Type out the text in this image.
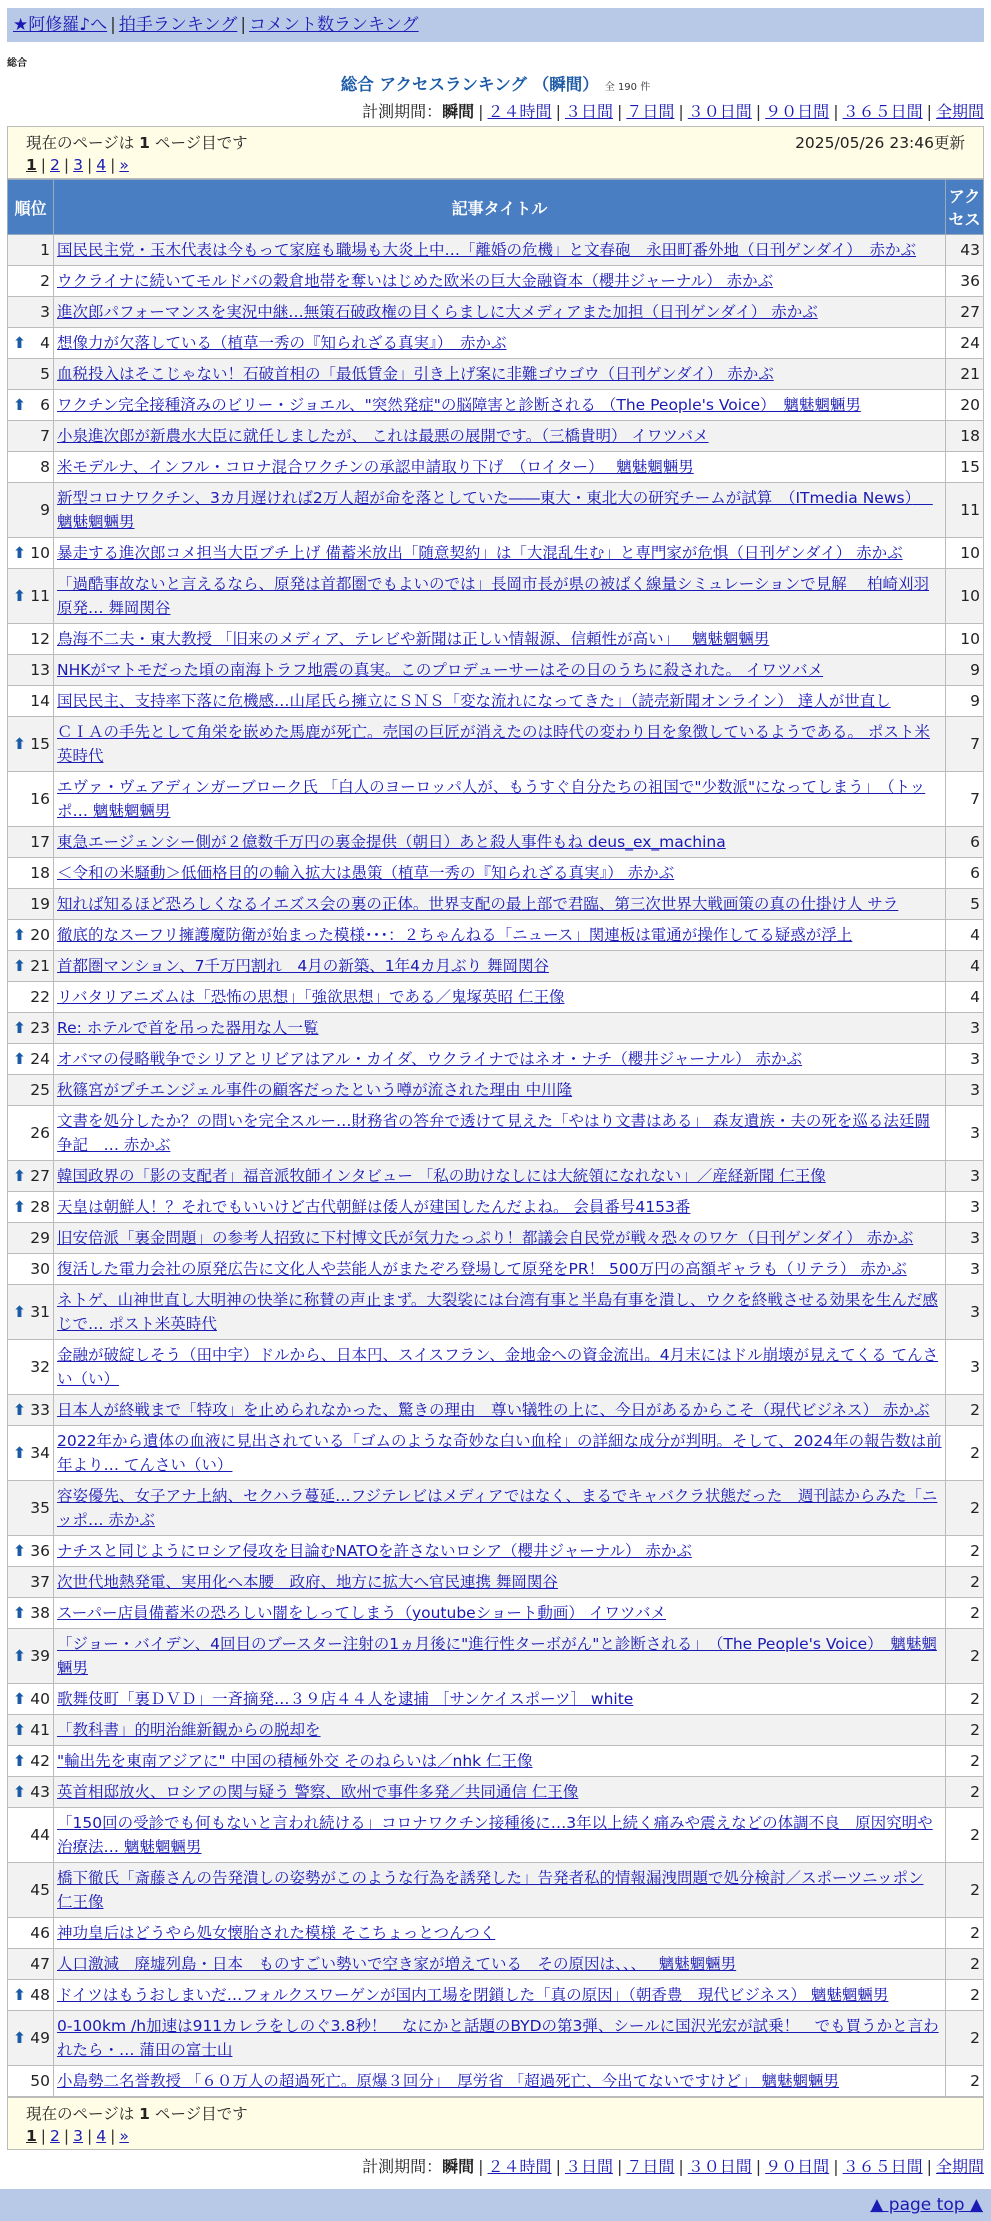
★阿修羅♪へ | 拍手ランキング | コメント数ランキング
総合
総合 アクセスランキング （瞬間） 全 190 件
計測期間：瞬間 | ２４時間 | ３日間 | ７日間 | ３０日間 | ９０日間 | ３６５日間 | 全期間
現在のページは 1 ページ目です	2025/05/26 23:46更新
1 | 2 | 3 | 4 | »
順位	記事タイトル	アクセス
1	国民民主党・玉木代表は今もって家庭も職場も大炎上中…「離婚の危機」と文春砲　永田町番外地（日刊ゲンダイ）　赤かぶ	43
2	ウクライナに続いてモルドバの穀倉地帯を奪いはじめた欧米の巨大金融資本（櫻井ジャーナル） 赤かぶ	36
3	進次郎パフォーマンスを実況中継…無策石破政権の目くらましに大メディアまた加担（日刊ゲンダイ） 赤かぶ	27

⬆ 4	想像力が欠落している（植草一秀の『知られざる真実』）　赤かぶ	24
5	血税投入はそこじゃない！石破首相の「最低賃金」引き上げ案に非難ゴウゴウ（日刊ゲンダイ） 赤かぶ	21

⬆ 6	ワクチン完全接種済みのビリー・ジョエル、"突然発症"の脳障害と診断される （The People's Voice）　魑魅魍魎男	20
7	小泉進次郎が新農水大臣に就任しましたが、 これは最悪の展開です。（三橋貴明） イワツバメ	18
8	米モデルナ、インフル・コロナ混合ワクチンの承認申請取り下げ　（ロイター）　 魑魅魍魎男	15
9	新型コロナワクチン、3カ月遅ければ2万人超が命を落としていた――東大・東北大の研究チームが試算　（ITmedia News）　 魑魅魍魎男	11

⬆ 10	暴走する進次郎コメ担当大臣ブチ上げ 備蓄米放出「随意契約」は「大混乱生む」と専門家が危惧（日刊ゲンダイ） 赤かぶ	10

⬆ 11	「過酷事故ないと言えるなら、原発は首都圏でもよいのでは」長岡市長が県の被ばく線量シミュレーションで見解　 柏崎刈羽原発… 舞岡関谷	10
12	鳥海不二夫・東大教授 「旧来のメディア、テレビや新聞は正しい情報源、信頼性が高い」　 魑魅魍魎男	10
13	NHKがマトモだった頃の南海トラフ地震の真実。このプロデューサーはその日のうちに殺された。 イワツバメ	9
14	国民民主、支持率下落に危機感…山尾氏ら擁立にＳＮＳ「変な流れになってきた」（読売新聞オンライン） 達人が世直し	9

⬆ 15	ＣＩＡの手先として角栄を嵌めた馬鹿が死亡。売国の巨匠が消えたのは時代の変わり目を象徴しているようである。 ポスト米英時代	7
16	エヴァ・ヴェアディンガーブローク氏 「白人のヨーロッパ人が、もうすぐ自分たちの祖国で"少数派"になってしまう」　（トッポ… 魑魅魍魎男	7
17	東急エージェンシー側が２億数千万円の裏金提供（朝日）あと殺人事件もね deus_ex_machina	6
18	＜令和の米騒動＞低価格目的の輸入拡大は愚策（植草一秀の『知られざる真実』） 赤かぶ	6
19	知れば知るほど恐ろしくなるイエズス会の裏の正体。世界支配の最上部で君臨、第三次世界大戦画策の真の仕掛け人 サラ	5

⬆ 20	徹底的なスーフリ擁護魔防衛が始まった模様･･･：２ちゃんねる「ニュース」関連板は電通が操作してる疑惑が浮上	4

⬆ 21	首都圏マンション、7千万円割れ　4月の新築、1年4カ月ぶり 舞岡関谷	4
22	リバタリアニズムは「恐怖の思想」「強欲思想」である／鬼塚英昭 仁王像	4

⬆ 23	Re: ホテルで首を吊った器用な人一覧	3

⬆ 24	オバマの侵略戦争でシリアとリビアはアル・カイダ、ウクライナではネオ・ナチ（櫻井ジャーナル） 赤かぶ	3
25	秋篠宮がプチエンジェル事件の顧客だったという噂が流された理由 中川隆	3
26	文書を処分したか？の問いを完全スルー…財務省の答弁で透けて見えた「やはり文書はある」 森友遺族・夫の死を巡る法廷闘争記　… 赤かぶ	3

⬆ 27	韓国政界の「影の支配者」福音派牧師インタビュー 「私の助けなしには大統領になれない」／産経新聞 仁王像	3

⬆ 28	天皇は朝鮮人！？それでもいいけど古代朝鮮は倭人が建国したんだよね。 会員番号4153番	3
29	旧安倍派「裏金問題」の参考人招致に下村博文氏が気力たっぷり！都議会自民党が戦々恐々のワケ（日刊ゲンダイ） 赤かぶ	3
30	復活した電力会社の原発広告に文化人や芸能人がまたぞろ登場して原発をPR！ 500万円の高額ギャラも（リテラ） 赤かぶ	3

⬆ 31	ネトゲ、山神世直し大明神の快挙に称賛の声止まず。大裂裟には台湾有事と半島有事を潰し、ウクを終戦させる効果を生んだ感じで… ポスト米英時代	3
32	金融が破綻しそう（田中宇）ドルから、日本円、スイスフラン、金地金への資金流出。4月末にはドル崩壊が見えてくる てんさい（い）	3

⬆ 33	日本人が終戦まで「特攻」を止められなかった、驚きの理由　尊い犠牲の上に、今日があるからこそ（現代ビジネス） 赤かぶ	2

⬆ 34	2022年から遺体の血液に見出されている「ゴムのような奇妙な白い血栓」の詳細な成分が判明。そして、2024年の報告数は前年より… てんさい（い）	2
35	容姿優先、女子アナ上納、セクハラ蔓延…フジテレビはメディアではなく、まるでキャバクラ状態だった　週刊誌からみた「ニッポ… 赤かぶ	2

⬆ 36	ナチスと同じようにロシア侵攻を目論むNATOを許さないロシア（櫻井ジャーナル） 赤かぶ	2
37	次世代地熱発電、実用化へ本腰　政府、地方に拡大へ官民連携 舞岡関谷	2

⬆ 38	スーパー店員備蓄米の恐ろしい闇をしってしまう（youtubeショート動画） イワツバメ	2

⬆ 39	「ジョー・バイデン、4回目のブースター注射の1ヵ月後に"進行性ターボがん"と診断される」　（The People's Voice）　魑魅魍魎男	2

⬆ 40	歌舞伎町「裏ＤＶＤ」一斉摘発…３９店４４人を逮捕 ［サンケイスポーツ］ white	2

⬆ 41	「教科書」的明治維新観からの脱却を	2

⬆ 42	"輸出先を東南アジアに" 中国の積極外交 そのねらいは／nhk 仁王像	2

⬆ 43	英首相邸放火、ロシアの関与疑う 警察、欧州で事件多発／共同通信 仁王像	2
44	「150回の受診でも何もないと言われ続ける」コロナワクチン接種後に…3年以上続く痛みや震えなどの体調不良　原因究明や治療法… 魑魅魍魎男	2
45	橋下徹氏「斎藤さんの告発潰しの姿勢がこのような行為を誘発した」告発者私的情報漏洩問題で処分検討／スポーツニッポン 仁王像	2
46	神功皇后はどうやら処女懐胎された模様 そこちょっとつんつく	2
47	人口激減　廃墟列島・日本　ものすごい勢いで空き家が増えている　その原因は、、、　 魑魅魍魎男	2

⬆ 48	ドイツはもうおしまいだ…フォルクスワーゲンが国内工場を閉鎖した「真の原因」（朝香豊　現代ビジネス） 魑魅魍魎男	2

⬆ 49	0-100km /h加速は911カレラをしのぐ3.8秒！　なにかと話題のBYDの第3弾、シールに国沢光宏が試乗！　でも買うかと言われたら・… 蒲田の富士山	2
50	小島勢二名誉教授 「６０万人の超過死亡。原爆３回分」　厚労省 「超過死亡、今出てないですけど」 魑魅魍魎男	2
現在のページは 1 ページ目です
1 | 2 | 3 | 4 | »
計測期間：瞬間 | ２４時間 | ３日間 | ７日間 | ３０日間 | ９０日間 | ３６５日間 | 全期間
▲ page top ▲
